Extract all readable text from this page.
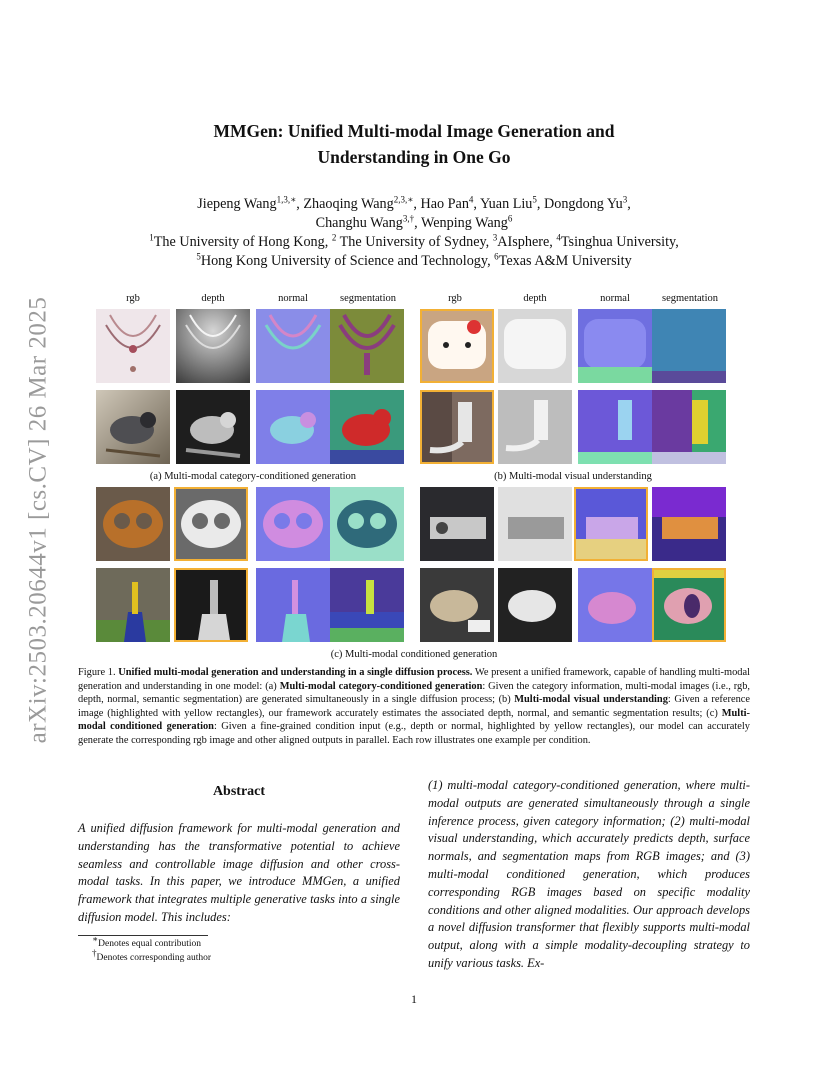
arXiv:2503.20644v1 [cs.CV] 26 Mar 2025
MMGen: Unified Multi-modal Image Generation and
Understanding in One Go
Jiepeng Wang$^{1,3,∗}$, Zhaoqing Wang$^{2,3,∗}$, Hao Pan$^4$, Yuan Liu$^5$, Dongdong Yu$^3$,
Changhu Wang$^{3,\dagger}$, Wenping Wang$^6$
$^1$The University of Hong Kong, $^2$ The University of Sydney, $^3$AIsphere, $^4$Tsinghua University,
$^5$Hong Kong University of Science and Technology, $^6$Texas A&M University
rgb	depth	normal	segmentation	rgb	depth	normal	segmentation
(a) Multi-modal category-conditioned generation	(b) Multi-modal visual understanding
(c) Multi-modal conditioned generation
Figure 1. Unified multi-modal generation and understanding in a single diffusion process. We present a unified framework, capable of handling multi-modal generation and understanding in one model: (a) Multi-modal category-conditioned generation: Given the category information, multi-modal images (i.e., rgb, depth, normal, semantic segmentation) are generated simultaneously in a single diffusion process; (b) Multi-modal visual understanding: Given a reference image (highlighted with yellow rectangles), our framework accurately estimates the associated depth, normal, and semantic segmentation results; (c) Multi-modal conditioned generation: Given a fine-grained condition input (e.g., depth or normal, highlighted by yellow rectangles), our model can accurately generate the corresponding rgb image and other aligned outputs in parallel. Each row illustrates one example per condition.
Abstract
A unified diffusion framework for multi-modal generation and understanding has the transformative potential to achieve seamless and controllable image diffusion and other cross-modal tasks. In this paper, we introduce MMGen, a unified framework that integrates multiple generative tasks into a single diffusion model. This includes:
(1) multi-modal category-conditioned generation, where multi-modal outputs are generated simultaneously through a single inference process, given category information; (2) multi-modal visual understanding, which accurately predicts depth, surface normals, and segmentation maps from RGB images; and (3) multi-modal conditioned generation, which produces corresponding RGB images based on specific modality conditions and other aligned modalities. Our approach develops a novel diffusion transformer that flexibly supports multi-modal output, along with a simple modality-decoupling strategy to unify various tasks. Ex-
∗Denotes equal contribution
†Denotes corresponding author
1
